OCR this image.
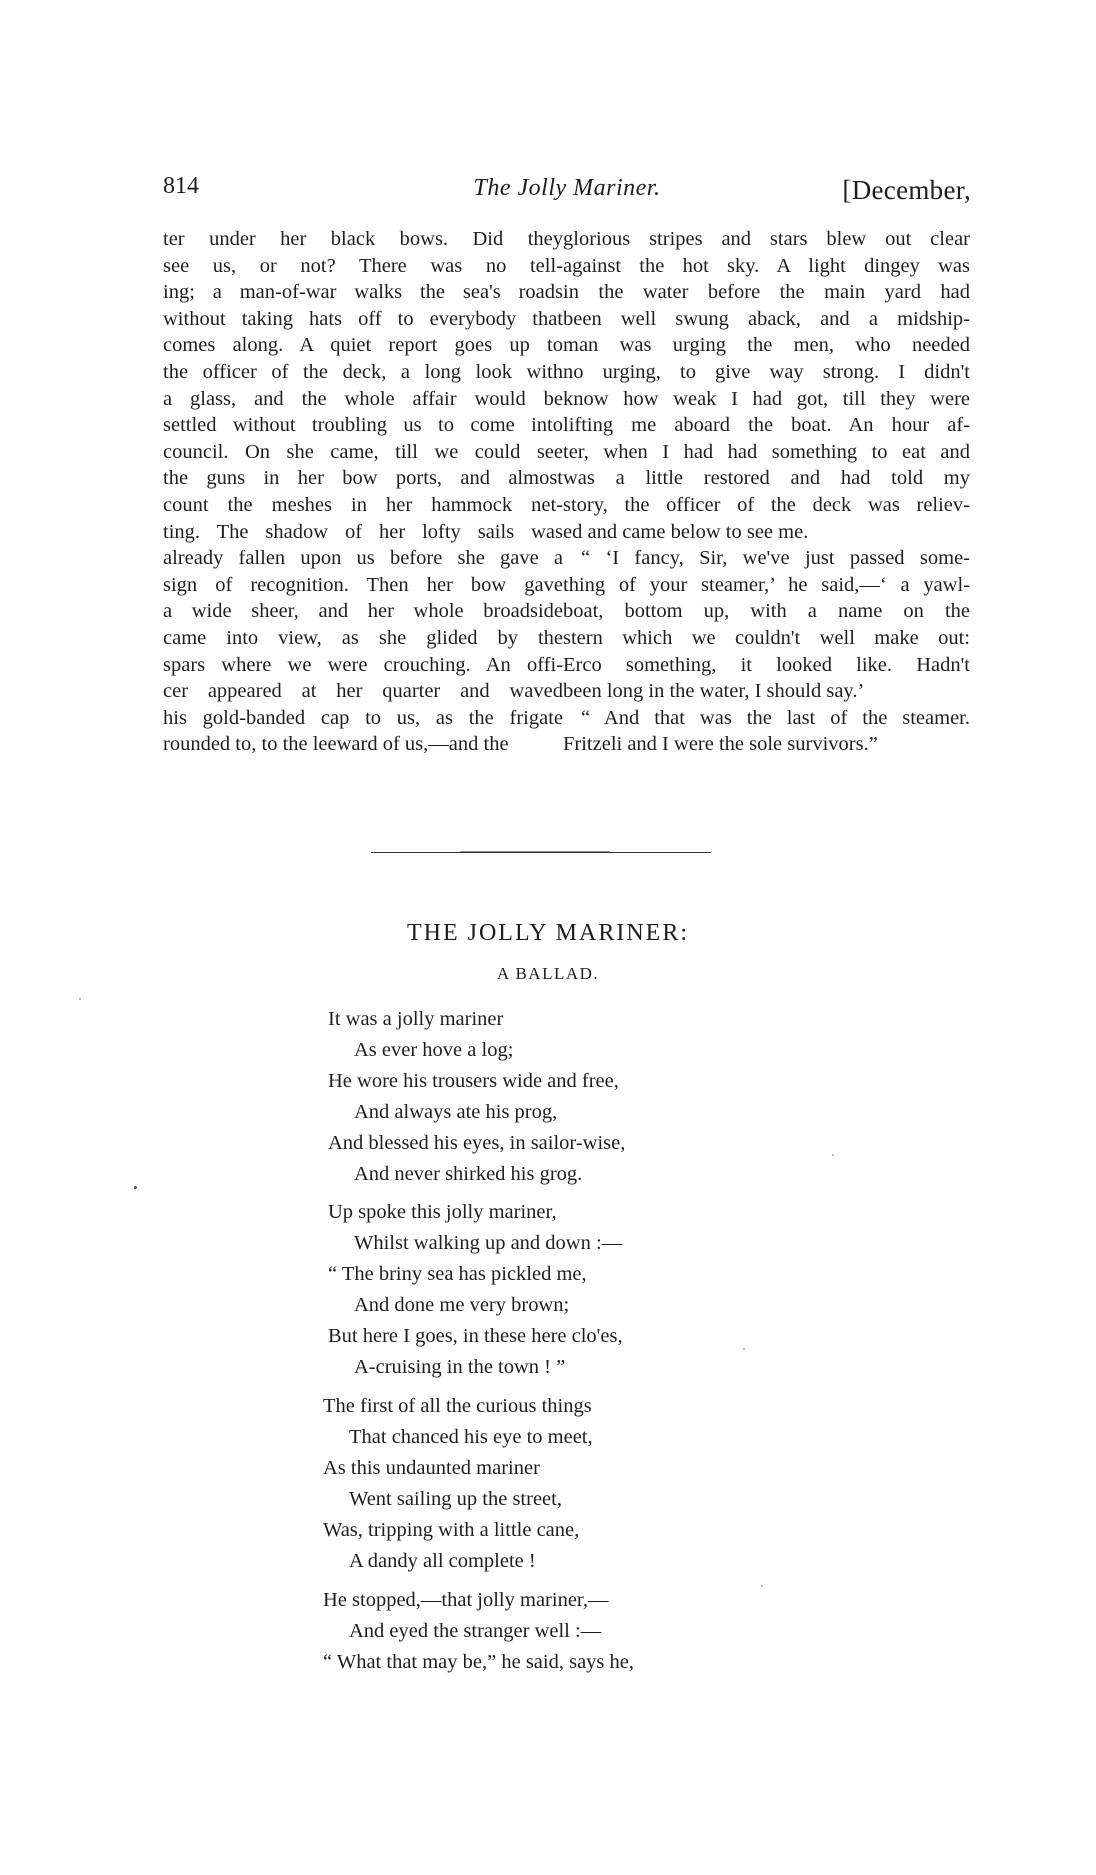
814	The Jolly Mariner.	[December,
ter under her black bows. Did they
see us, or not? There was no tell-
ing; a man-of-war walks the sea's roads
without taking hats off to everybody that
comes along. A quiet report goes up to
the officer of the deck, a long look with
a glass, and the whole affair would be
settled without troubling us to come into
council. On she came, till we could see
the guns in her bow ports, and almost
count the meshes in her hammock net-
ting. The shadow of her lofty sails was
already fallen upon us before she gave a
sign of recognition. Then her bow gave
a wide sheer, and her whole broadside
came into view, as she glided by the
spars where we were crouching. An offi-
cer appeared at her quarter and waved
his gold-banded cap to us, as the frigate
rounded to, to the leeward of us,—and the
glorious stripes and stars blew out clear
against the hot sky. A light dingey was
in the water before the main yard had
been well swung aback, and a midship-
man was urging the men, who needed
no urging, to give way strong. I didn't
know how weak I had got, till they were
lifting me aboard the boat. An hour af-
ter, when I had had something to eat and
was a little restored and had told my
story, the officer of the deck was reliev-
ed and came below to see me.
“ ‘I fancy, Sir, we've just passed some-
thing of your steamer,’ he said,—‘ a yawl-
boat, bottom up, with a name on the
stern which we couldn't well make out:
Erco something, it looked like. Hadn't
been long in the water, I should say.’
“ And that was the last of the steamer.
Fritzeli and I were the sole survivors.”
THE JOLLY MARINER:
A BALLAD.
It was a jolly mariner
As ever hove a log;
He wore his trousers wide and free,
And always ate his prog,
And blessed his eyes, in sailor-wise,
And never shirked his grog.
Up spoke this jolly mariner,
Whilst walking up and down :—
“ The briny sea has pickled me,
And done me very brown;
But here I goes, in these here clo'es,
A-cruising in the town ! ”
The first of all the curious things
That chanced his eye to meet,
As this undaunted mariner
Went sailing up the street,
Was, tripping with a little cane,
A dandy all complete !
He stopped,—that jolly mariner,—
And eyed the stranger well :—
“ What that may be,” he said, says he,
